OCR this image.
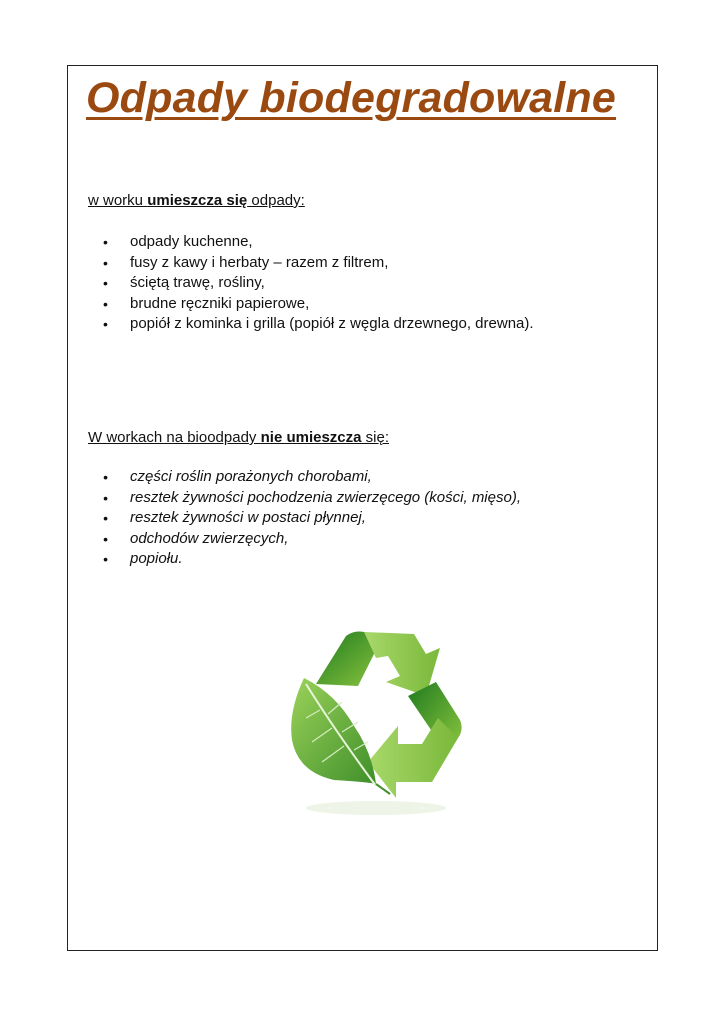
Odpady biodegradowalne
w worku umieszcza się odpady:
• odpady kuchenne,
• fusy z kawy i herbaty – razem z filtrem,
• ściętą trawę, rośliny,
• brudne ręczniki papierowe,
• popiół z kominka i grilla (popiół z węgla drzewnego, drewna).
W workach na bioodpady nie umieszcza się:
• części roślin porażonych chorobami,
• resztek żywności pochodzenia zwierzęcego (kości, mięso),
• resztek żywności w postaci płynnej,
• odchodów zwierzęcych,
• popiołu.
